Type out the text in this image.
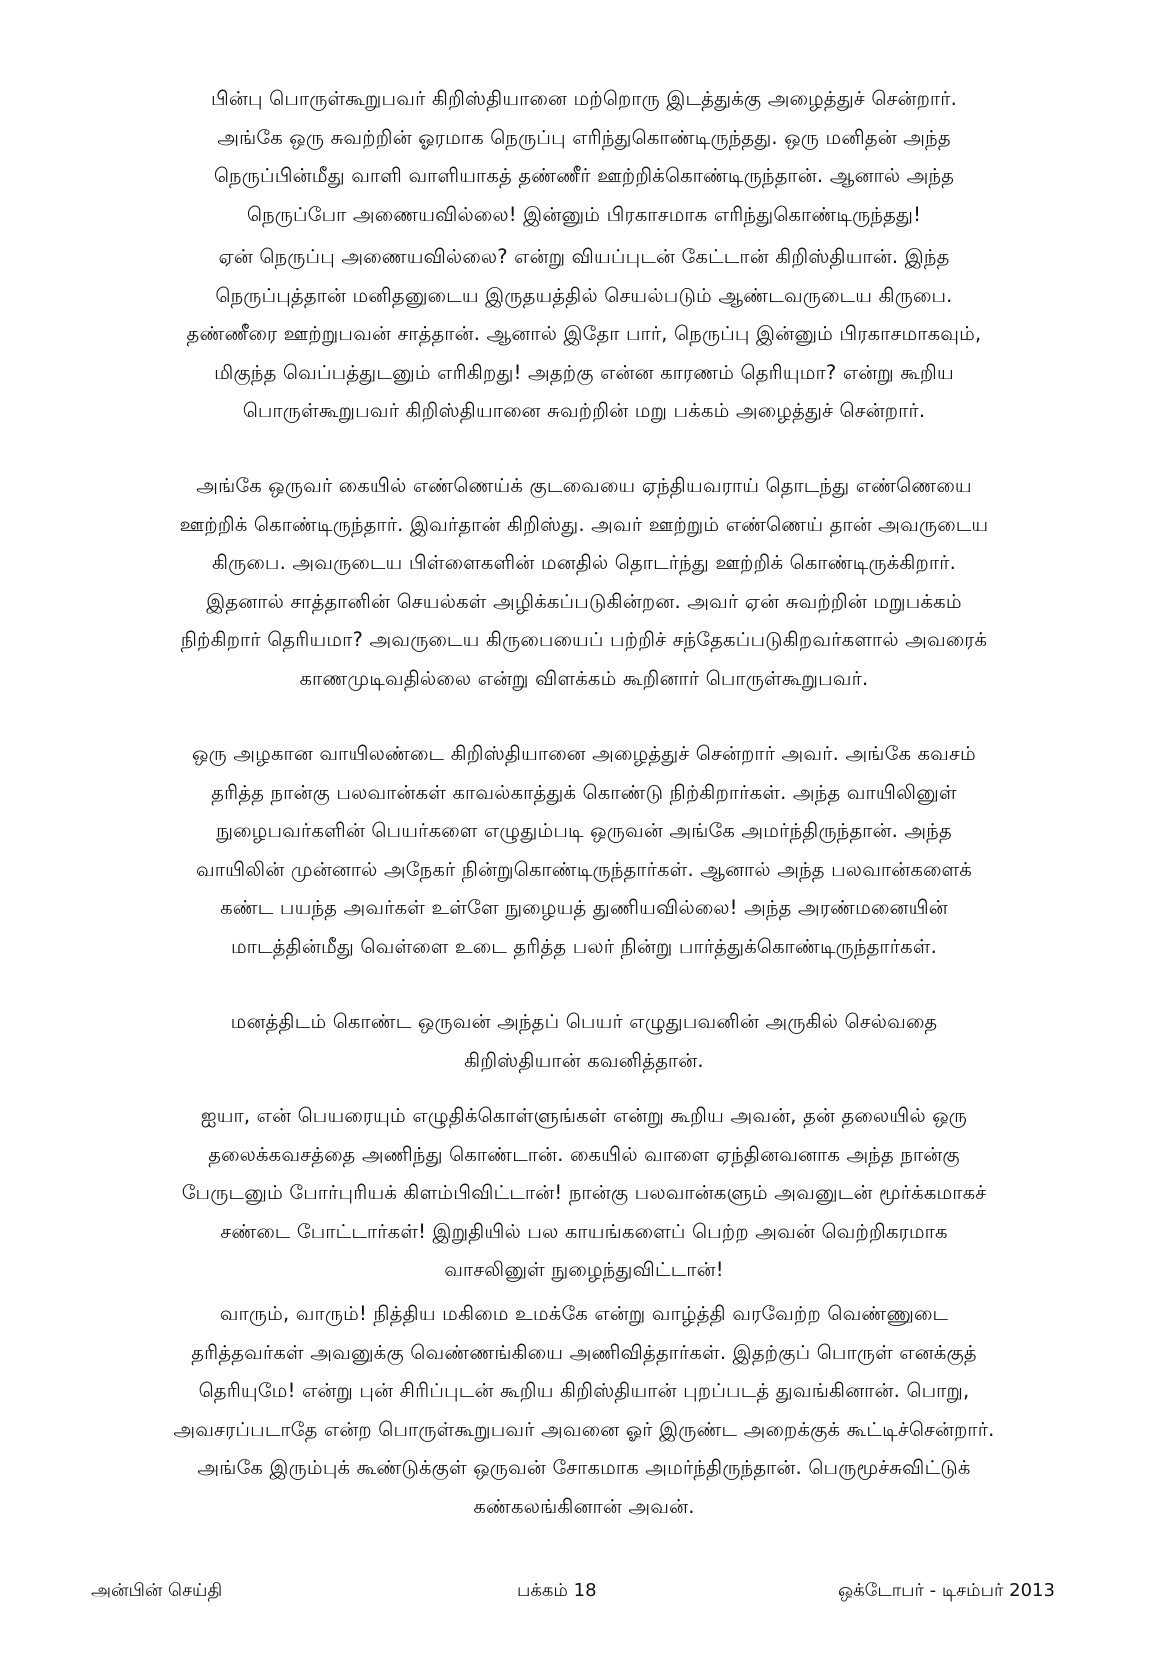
பின்பு பொருள்கூறுபவர் கிறிஸ்தியானை மற்றொரு இடத்துக்கு அழைத்துச் சென்றார்.
அங்கே ஒரு சுவற்றின் ஓரமாக நெருப்பு எரிந்துகொண்டிருந்தது. ஒரு மனிதன் அந்த
நெருப்பின்மீது வாளி வாளியாகத் தண்ணீர் ஊற்றிக்கொண்டிருந்தான். ஆனால் அந்த
நெருப்போ அணையவில்லை! இன்னும் பிரகாசமாக எரிந்துகொண்டிருந்தது!

ஏன் நெருப்பு அணையவில்லை? என்று வியப்புடன் கேட்டான் கிறிஸ்தியான். இந்த
நெருப்புத்தான் மனிதனுடைய இருதயத்தில் செயல்படும் ஆண்டவருடைய கிருபை.
தண்ணீரை ஊற்றுபவன் சாத்தான். ஆனால் இதோ பார், நெருப்பு இன்னும் பிரகாசமாகவும்,
மிகுந்த வெப்பத்துடனும் எரிகிறது! அதற்கு என்ன காரணம் தெரியுமா? என்று கூறிய
பொருள்கூறுபவர் கிறிஸ்தியானை சுவற்றின் மறு பக்கம் அழைத்துச் சென்றார்.

அங்கே ஒருவர் கையில் எண்ணெய்க் குடவையை ஏந்தியவராய் தொடந்து எண்ணெயை
ஊற்றிக் கொண்டிருந்தார். இவர்தான் கிறிஸ்து. அவர் ஊற்றும் எண்ணெய் தான் அவருடைய
கிருபை. அவருடைய பிள்ளைகளின் மனதில் தொடர்ந்து ஊற்றிக் கொண்டிருக்கிறார்.
இதனால் சாத்தானின் செயல்கள் அழிக்கப்படுகின்றன. அவர் ஏன் சுவற்றின் மறுபக்கம்
நிற்கிறார் தெரியமா? அவருடைய கிருபையைப் பற்றிச் சந்தேகப்படுகிறவர்களால் அவரைக்
காணமுடிவதில்லை என்று விளக்கம் கூறினார் பொருள்கூறுபவர்.

ஒரு அழகான வாயிலண்டை கிறிஸ்தியானை அழைத்துச் சென்றார் அவர். அங்கே கவசம்
தரித்த நான்கு பலவான்கள் காவல்காத்துக் கொண்டு நிற்கிறார்கள். அந்த வாயிலினுள்
நுழைபவர்களின் பெயர்களை எழுதும்படி ஒருவன் அங்கே அமர்ந்திருந்தான். அந்த
வாயிலின் முன்னால் அநேகர் நின்றுகொண்டிருந்தார்கள். ஆனால் அந்த பலவான்களைக்
கண்ட பயந்த அவர்கள் உள்ளே நுழையத் துணியவில்லை! அந்த அரண்மனையின்
மாடத்தின்மீது வெள்ளை உடை தரித்த பலர் நின்று பார்த்துக்கொண்டிருந்தார்கள்.

மனத்திடம் கொண்ட ஒருவன் அந்தப் பெயர் எழுதுபவனின் அருகில் செல்வதை
கிறிஸ்தியான் கவனித்தான்.

ஐயா, என் பெயரையும் எழுதிக்கொள்ளுங்கள் என்று கூறிய அவன், தன் தலையில் ஒரு
தலைக்கவசத்தை அணிந்து கொண்டான். கையில் வாளை ஏந்தினவனாக அந்த நான்கு
பேருடனும் போர்புரியக் கிளம்பிவிட்டான்! நான்கு பலவான்களும் அவனுடன் மூர்க்கமாகச்
சண்டை போட்டார்கள்! இறுதியில் பல காயங்களைப் பெற்ற அவன் வெற்றிகரமாக
வாசலினுள் நுழைந்துவிட்டான்!

வாரும், வாரும்! நித்திய மகிமை உமக்கே என்று வாழ்த்தி வரவேற்ற வெண்ணுடை
தரித்தவர்கள் அவனுக்கு வெண்ணங்கியை அணிவித்தார்கள். இதற்குப் பொருள் எனக்குத்
தெரியுமே! என்று புன் சிரிப்புடன் கூறிய கிறிஸ்தியான் புறப்படத் துவங்கினான். பொறு,
அவசரப்படாதே என்ற பொருள்கூறுபவர் அவனை ஓர் இருண்ட அறைக்குக் கூட்டிச்சென்றார்.
அங்கே இரும்புக் கூண்டுக்குள் ஒருவன் சோகமாக அமர்ந்திருந்தான். பெருமூச்சுவிட்டுக்
கண்கலங்கினான் அவன்.

அன்பின் செய்தி	பக்கம் 18	ஒக்டோபர் - டிசம்பர் 2013
